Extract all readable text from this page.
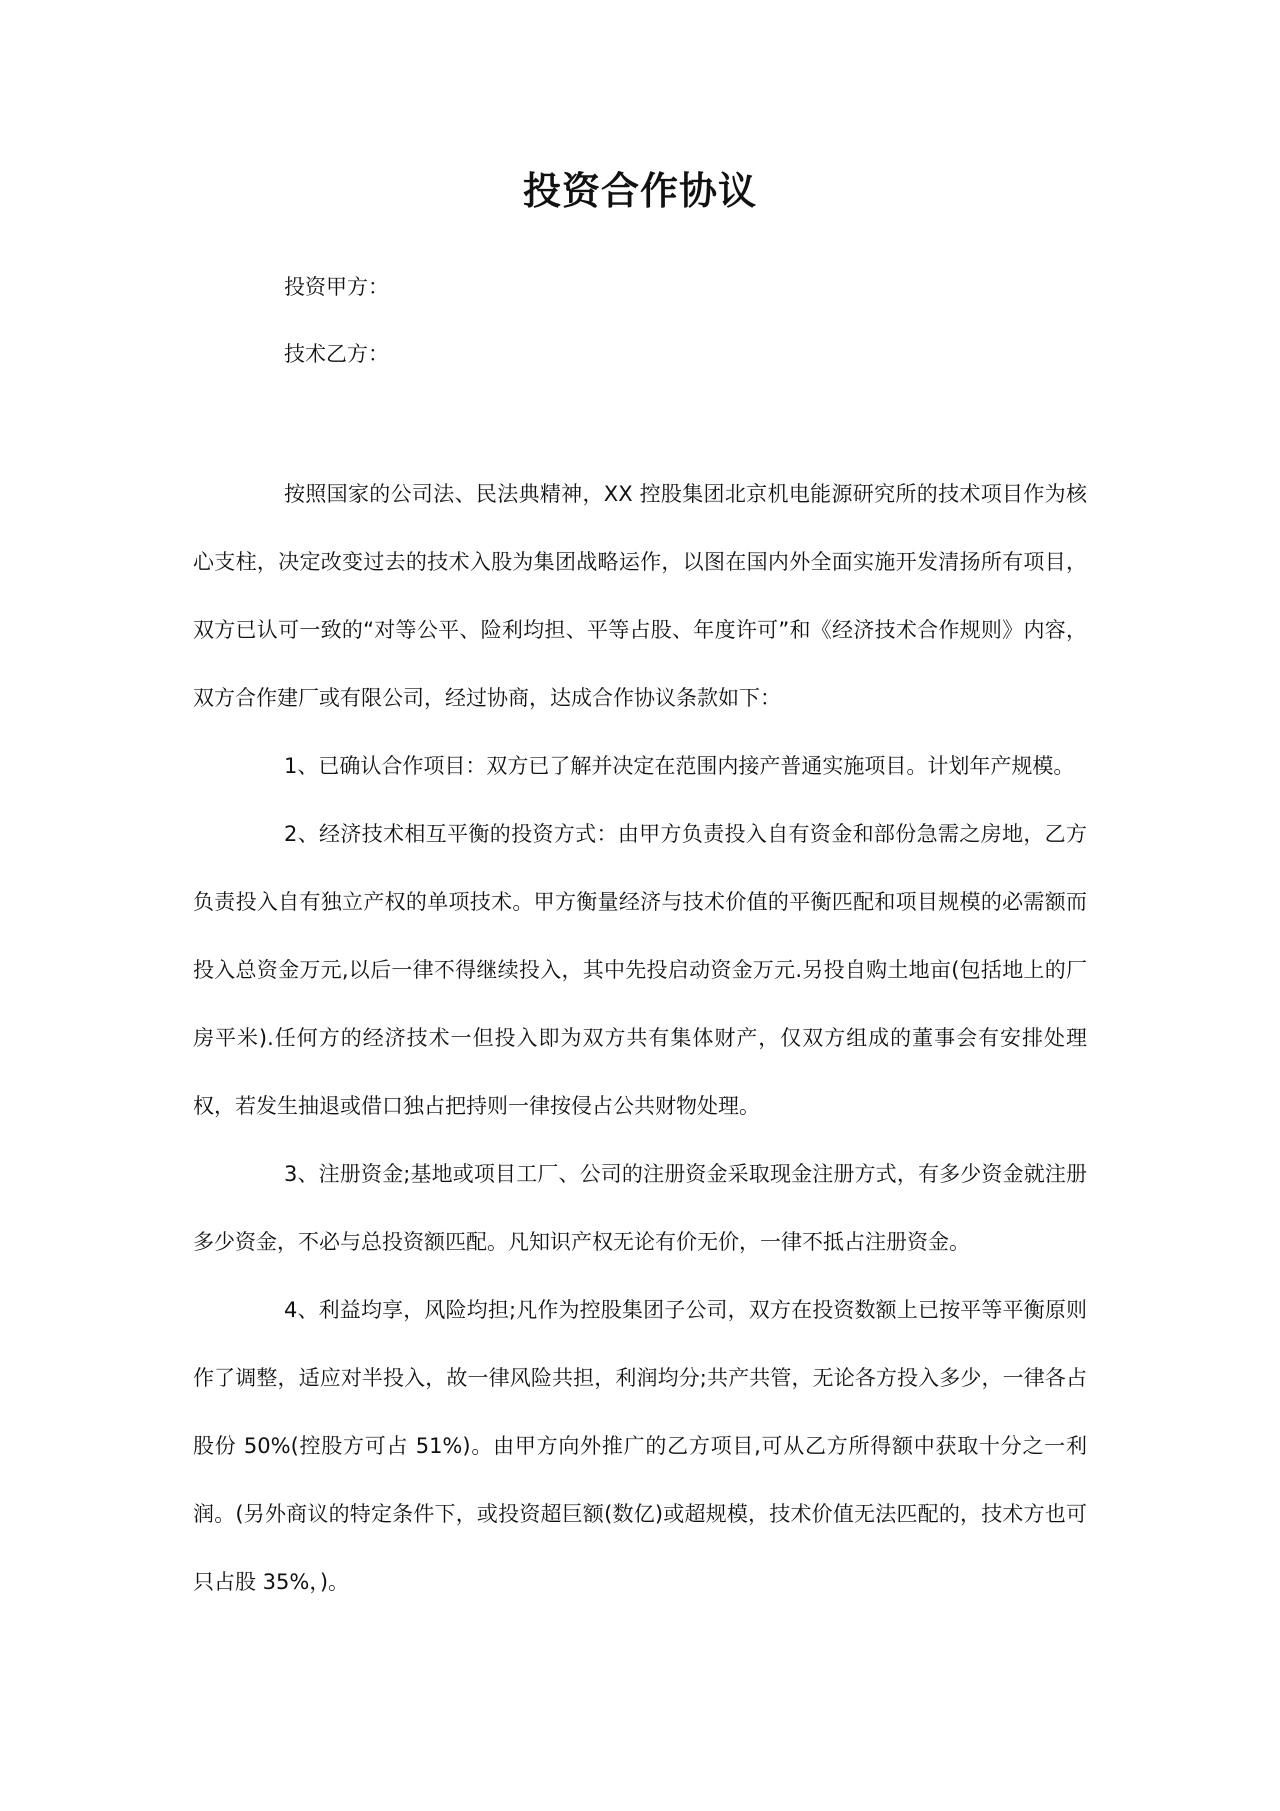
投资合作协议
投资甲方：
技术乙方：

按照国家的公司法、民法典精神，XX 控股集团北京机电能源研究所的技术项目作为核心支柱，决定改变过去的技术入股为集团战略运作，以图在国内外全面实施开发清扬所有项目，双方已认可一致的“对等公平、险利均担、平等占股、年度许可”和《经济技术合作规则》内容，双方合作建厂或有限公司，经过协商，达成合作协议条款如下：

1、已确认合作项目：双方已了解并决定在范围内接产普通实施项目。计划年产规模。

2、经济技术相互平衡的投资方式：由甲方负责投入自有资金和部份急需之房地，乙方负责投入自有独立产权的单项技术。甲方衡量经济与技术价值的平衡匹配和项目规模的必需额而投入总资金万元,以后一律不得继续投入，其中先投启动资金万元.另投自购土地亩(包括地上的厂房平米).任何方的经济技术一但投入即为双方共有集体财产，仅双方组成的董事会有安排处理权，若发生抽退或借口独占把持则一律按侵占公共财物处理。

3、注册资金;基地或项目工厂、公司的注册资金采取现金注册方式，有多少资金就注册多少资金，不必与总投资额匹配。凡知识产权无论有价无价，一律不抵占注册资金。

4、利益均享，风险均担;凡作为控股集团子公司，双方在投资数额上已按平等平衡原则作了调整，适应对半投入，故一律风险共担，利润均分;共产共管，无论各方投入多少，一律各占股份 50%(控股方可占 51%)。由甲方向外推广的乙方项目,可从乙方所得额中获取十分之一利润。(另外商议的特定条件下，或投资超巨额(数亿)或超规模，技术价值无法匹配的，技术方也可只占股 35%，)。
